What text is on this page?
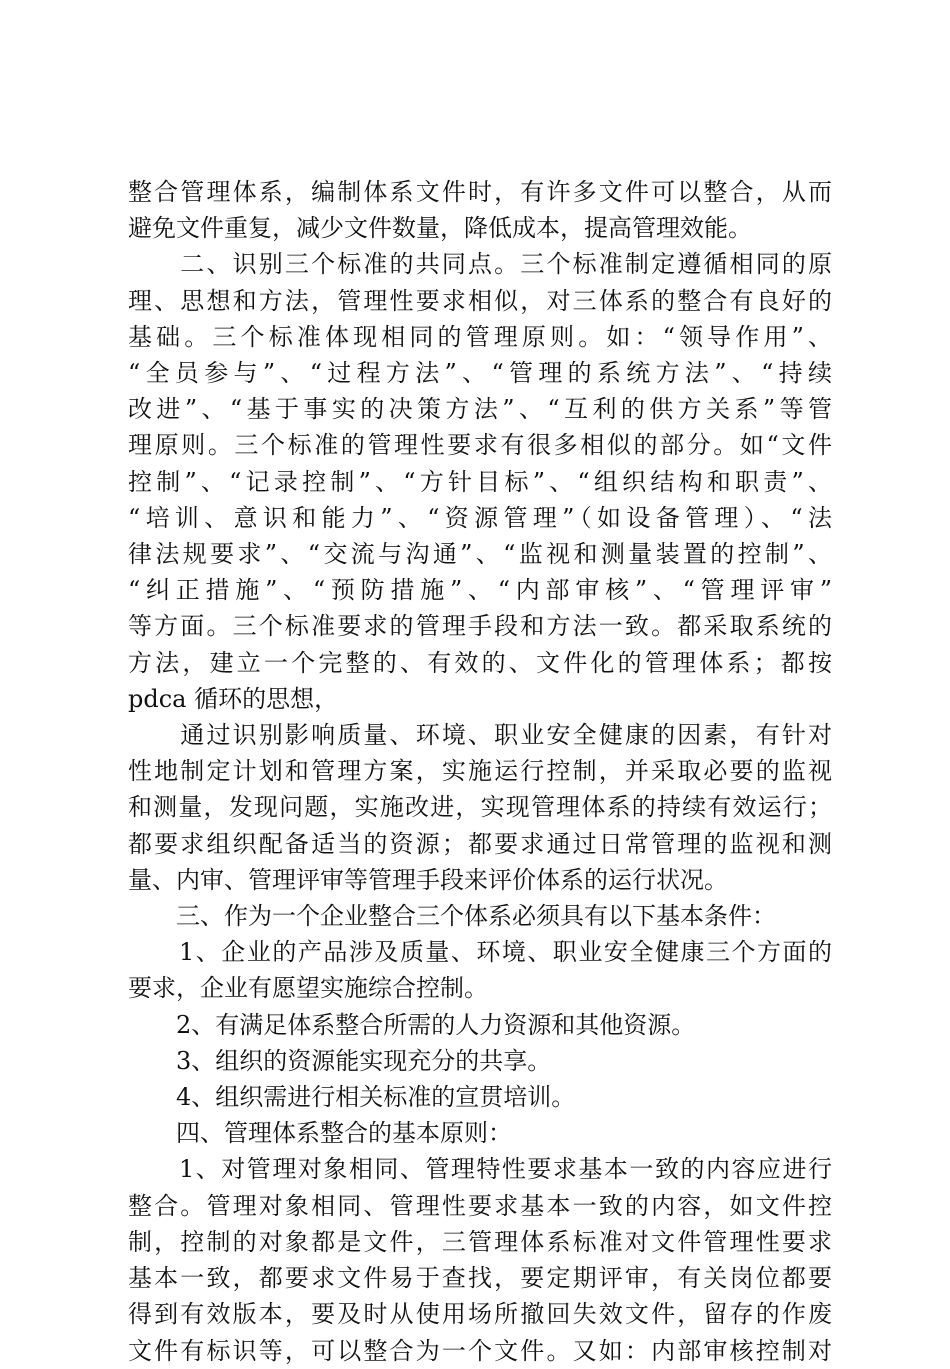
整合管理体系，编制体系文件时，有许多文件可以整合，从而
避免文件重复，减少文件数量，降低成本，提高管理效能。
　　二、识别三个标准的共同点。三个标准制定遵循相同的原
理、思想和方法，管理性要求相似，对三体系的整合有良好的
基础。三个标准体现相同的管理原则。如：“领导作用”、
“全员参与”、“过程方法”、“管理的系统方法”、“持续
改进”、“基于事实的决策方法”、“互利的供方关系”等管
理原则。三个标准的管理性要求有很多相似的部分。如“文件
控制”、“记录控制”、“方针目标”、“组织结构和职责”、
“培训、意识和能力”、“资源管理”（如设备管理）、“法
律法规要求”、“交流与沟通”、“监视和测量装置的控制”、
“纠正措施”、“预防措施”、“内部审核”、“管理评审”
等方面。三个标准要求的管理手段和方法一致。都采取系统的
方法，建立一个完整的、有效的、文件化的管理体系；都按
pdca 循环的思想，
　　通过识别影响质量、环境、职业安全健康的因素，有针对
性地制定计划和管理方案，实施运行控制，并采取必要的监视
和测量，发现问题，实施改进，实现管理体系的持续有效运行；
都要求组织配备适当的资源；都要求通过日常管理的监视和测
量、内审、管理评审等管理手段来评价体系的运行状况。
　　三、作为一个企业整合三个体系必须具有以下基本条件：
　　1、企业的产品涉及质量、环境、职业安全健康三个方面的
要求，企业有愿望实施综合控制。
　　2、有满足体系整合所需的人力资源和其他资源。
　　3、组织的资源能实现充分的共享。
　　4、组织需进行相关标准的宣贯培训。
　　四、管理体系整合的基本原则：
　　1、对管理对象相同、管理特性要求基本一致的内容应进行
整合。管理对象相同、管理性要求基本一致的内容，如文件控
制，控制的对象都是文件，三管理体系标准对文件管理性要求
基本一致，都要求文件易于查找，要定期评审，有关岗位都要
得到有效版本，要及时从使用场所撤回失效文件，留存的作废
文件有标识等，可以整合为一个文件。又如：内部审核控制对
